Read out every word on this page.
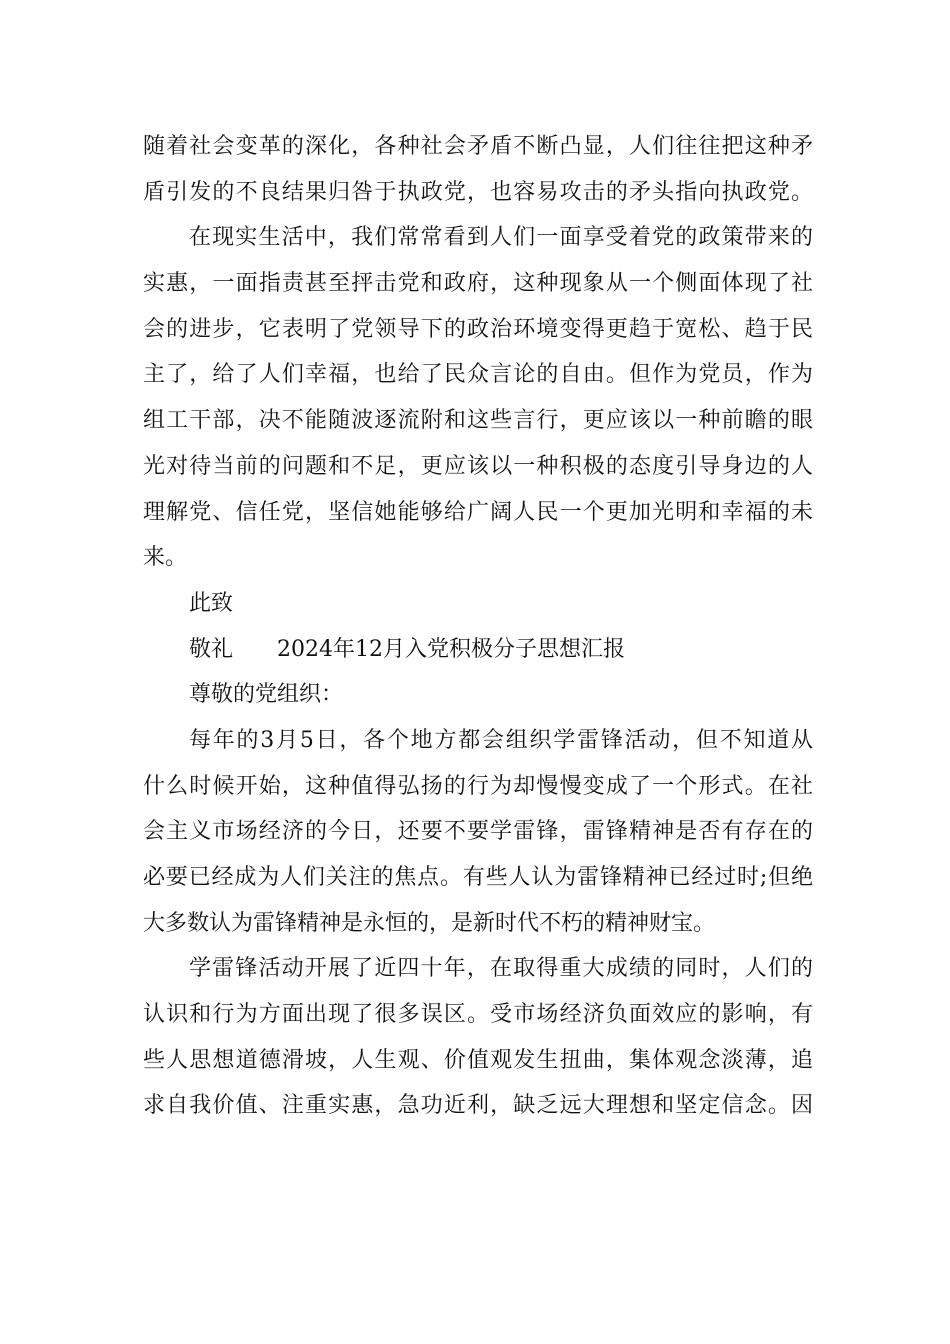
随着社会变革的深化，各种社会矛盾不断凸显，人们往往把这种矛
盾引发的不良结果归咎于执政党，也容易攻击的矛头指向执政党。
在现实生活中，我们常常看到人们一面享受着党的政策带来的
实惠，一面指责甚至抨击党和政府，这种现象从一个侧面体现了社
会的进步，它表明了党领导下的政治环境变得更趋于宽松、趋于民
主了，给了人们幸福，也给了民众言论的自由。但作为党员，作为
组工干部，决不能随波逐流附和这些言行，更应该以一种前瞻的眼
光对待当前的问题和不足，更应该以一种积极的态度引导身边的人
理解党、信任党，坚信她能够给广阔人民一个更加光明和幸福的未
来。
此致
敬礼　　2024年12月入党积极分子思想汇报
尊敬的党组织：
每年的3月5日，各个地方都会组织学雷锋活动，但不知道从
什么时候开始，这种值得弘扬的行为却慢慢变成了一个形式。在社
会主义市场经济的今日，还要不要学雷锋，雷锋精神是否有存在的
必要已经成为人们关注的焦点。有些人认为雷锋精神已经过时;但绝
大多数认为雷锋精神是永恒的，是新时代不朽的精神财宝。
学雷锋活动开展了近四十年，在取得重大成绩的同时，人们的
认识和行为方面出现了很多误区。受市场经济负面效应的影响，有
些人思想道德滑坡，人生观、价值观发生扭曲，集体观念淡薄，追
求自我价值、注重实惠，急功近利，缺乏远大理想和坚定信念。因
